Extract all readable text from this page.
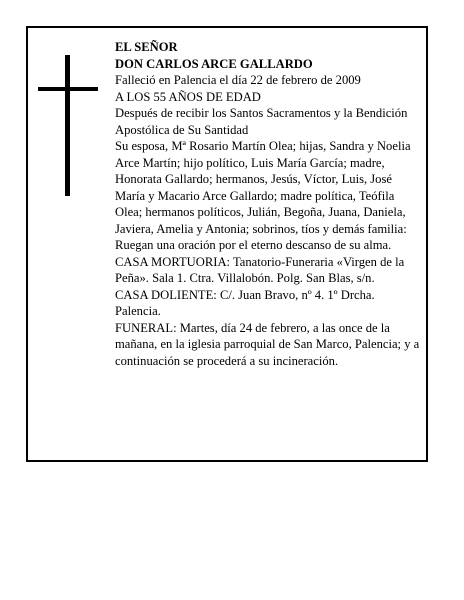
EL SEÑOR

DON CARLOS ARCE GALLARDO

Falleció en Palencia el día 22 de febrero de 2009

A LOS 55 AÑOS DE EDAD

Después de recibir los Santos Sacramentos y la Bendición Apostólica de Su Santidad

Su esposa, Mª Rosario Martín Olea; hijas, Sandra y Noelia Arce Martín; hijo político, Luis María García; madre, Honorata Gallardo; hermanos, Jesús, Víctor, Luis, José María y Macario Arce Gallardo; madre política, Teófila Olea; hermanos políticos, Julián, Begoña, Juana, Daniela, Javiera, Amelia y Antonia; sobrinos, tíos y demás familia:

Ruegan una oración por el eterno descanso de su alma.

CASA MORTUORIA: Tanatorio-Funeraria «Virgen de la Peña». Sala 1. Ctra. Villalobón. Polg. San Blas, s/n.

CASA DOLIENTE: C/. Juan Bravo, nº 4. 1º Drcha. Palencia.

FUNERAL: Martes, día 24 de febrero, a las once de la mañana, en la iglesia parroquial de San Marco, Palencia; y a continuación se procederá a su incineración.
